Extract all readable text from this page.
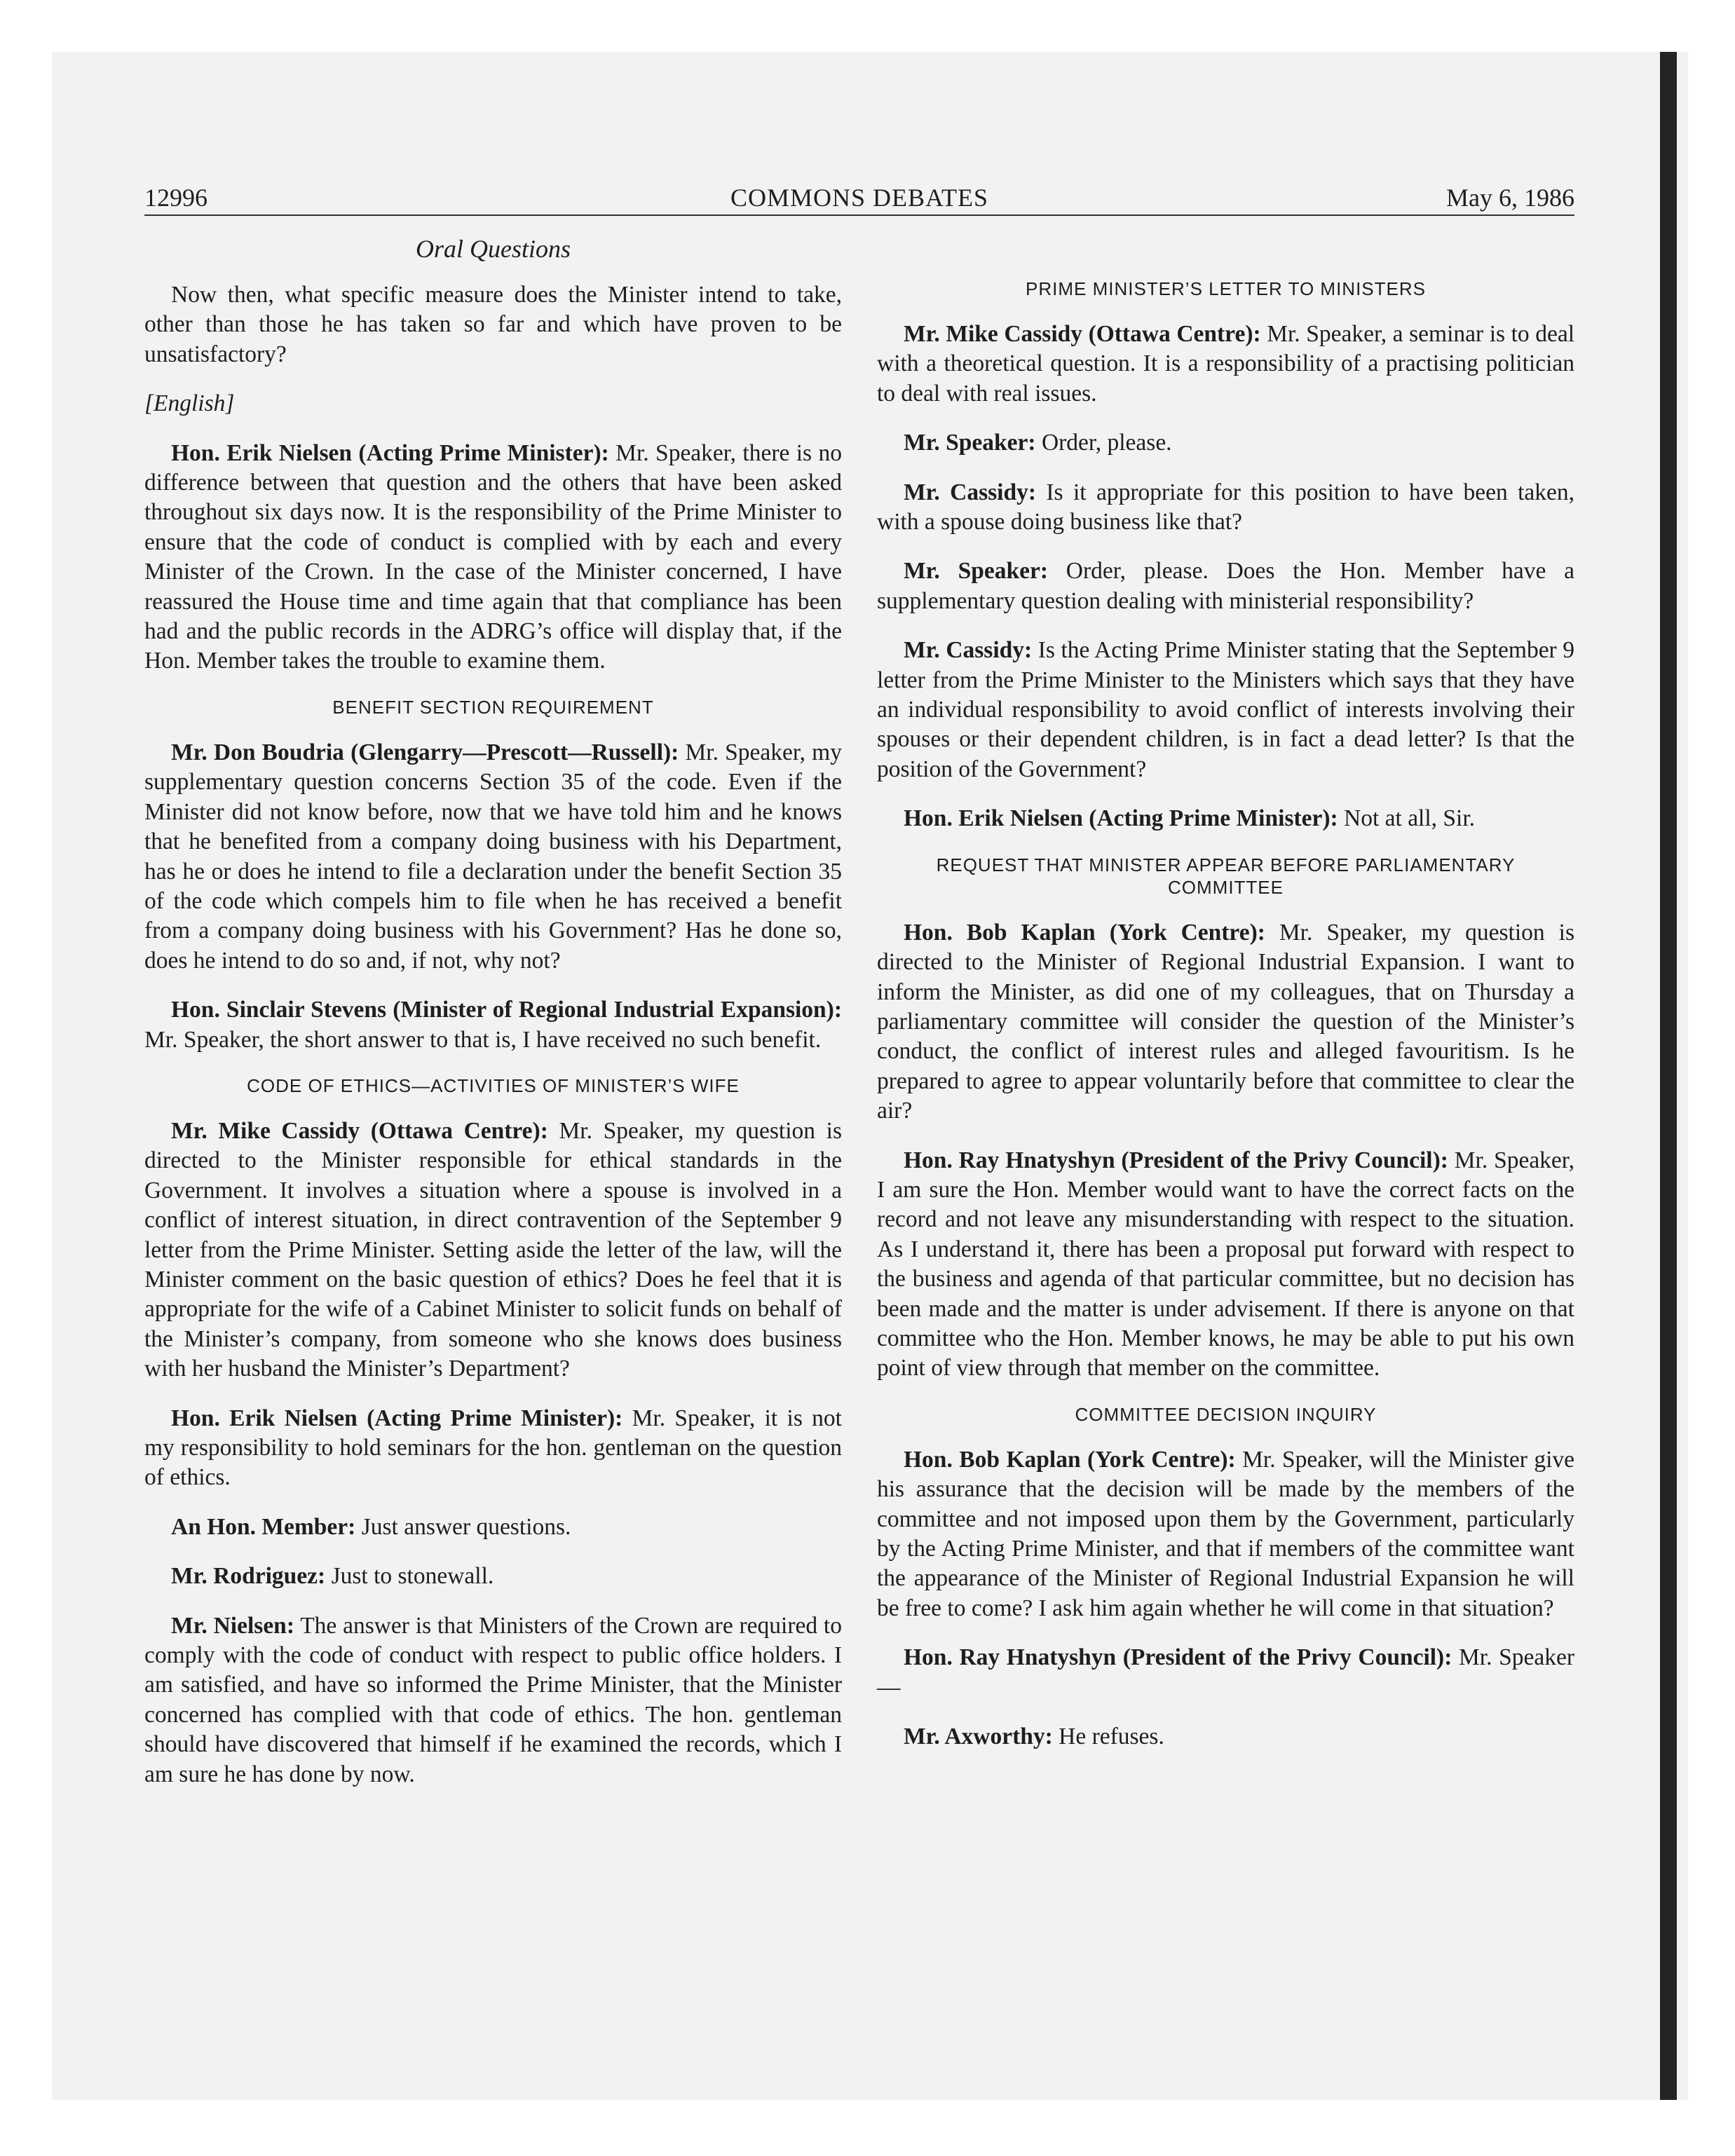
12996	COMMONS DEBATES	May 6, 1986
Oral Questions

Now then, what specific measure does the Minister intend to take, other than those he has taken so far and which have proven to be unsatisfactory?

[English]

Hon. Erik Nielsen (Acting Prime Minister): Mr. Speaker, there is no difference between that question and the others that have been asked throughout six days now. It is the responsibility of the Prime Minister to ensure that the code of conduct is complied with by each and every Minister of the Crown. In the case of the Minister concerned, I have reassured the House time and time again that that compliance has been had and the public records in the ADRG’s office will display that, if the Hon. Member takes the trouble to examine them.

BENEFIT SECTION REQUIREMENT

Mr. Don Boudria (Glengarry—Prescott—Russell): Mr. Speaker, my supplementary question concerns Section 35 of the code. Even if the Minister did not know before, now that we have told him and he knows that he benefited from a company doing business with his Department, has he or does he intend to file a declaration under the benefit Section 35 of the code which compels him to file when he has received a benefit from a company doing business with his Government? Has he done so, does he intend to do so and, if not, why not?

Hon. Sinclair Stevens (Minister of Regional Industrial Expansion): Mr. Speaker, the short answer to that is, I have received no such benefit.

CODE OF ETHICS—ACTIVITIES OF MINISTER’S WIFE

Mr. Mike Cassidy (Ottawa Centre): Mr. Speaker, my question is directed to the Minister responsible for ethical standards in the Government. It involves a situation where a spouse is involved in a conflict of interest situation, in direct contravention of the September 9 letter from the Prime Minister. Setting aside the letter of the law, will the Minister comment on the basic question of ethics? Does he feel that it is appropriate for the wife of a Cabinet Minister to solicit funds on behalf of the Minister’s company, from someone who she knows does business with her husband the Minister’s Department?

Hon. Erik Nielsen (Acting Prime Minister): Mr. Speaker, it is not my responsibility to hold seminars for the hon. gentleman on the question of ethics.

An Hon. Member: Just answer questions.

Mr. Rodriguez: Just to stonewall.

Mr. Nielsen: The answer is that Ministers of the Crown are required to comply with the code of conduct with respect to public office holders. I am satisfied, and have so informed the Prime Minister, that the Minister concerned has complied with that code of ethics. The hon. gentleman should have discovered that himself if he examined the records, which I am sure he has done by now.

PRIME MINISTER’S LETTER TO MINISTERS

Mr. Mike Cassidy (Ottawa Centre): Mr. Speaker, a seminar is to deal with a theoretical question. It is a responsibility of a practising politician to deal with real issues.

Mr. Speaker: Order, please.

Mr. Cassidy: Is it appropriate for this position to have been taken, with a spouse doing business like that?

Mr. Speaker: Order, please. Does the Hon. Member have a supplementary question dealing with ministerial responsibility?

Mr. Cassidy: Is the Acting Prime Minister stating that the September 9 letter from the Prime Minister to the Ministers which says that they have an individual responsibility to avoid conflict of interests involving their spouses or their dependent children, is in fact a dead letter? Is that the position of the Government?

Hon. Erik Nielsen (Acting Prime Minister): Not at all, Sir.

REQUEST THAT MINISTER APPEAR BEFORE PARLIAMENTARY COMMITTEE

Hon. Bob Kaplan (York Centre): Mr. Speaker, my question is directed to the Minister of Regional Industrial Expansion. I want to inform the Minister, as did one of my colleagues, that on Thursday a parliamentary committee will consider the question of the Minister’s conduct, the conflict of interest rules and alleged favouritism. Is he prepared to agree to appear voluntarily before that committee to clear the air?

Hon. Ray Hnatyshyn (President of the Privy Council): Mr. Speaker, I am sure the Hon. Member would want to have the correct facts on the record and not leave any misunderstanding with respect to the situation. As I understand it, there has been a proposal put forward with respect to the business and agenda of that particular committee, but no decision has been made and the matter is under advisement. If there is anyone on that committee who the Hon. Member knows, he may be able to put his own point of view through that member on the committee.

COMMITTEE DECISION INQUIRY

Hon. Bob Kaplan (York Centre): Mr. Speaker, will the Minister give his assurance that the decision will be made by the members of the committee and not imposed upon them by the Government, particularly by the Acting Prime Minister, and that if members of the committee want the appearance of the Minister of Regional Industrial Expansion he will be free to come? I ask him again whether he will come in that situation?

Hon. Ray Hnatyshyn (President of the Privy Council): Mr. Speaker—

Mr. Axworthy: He refuses.
